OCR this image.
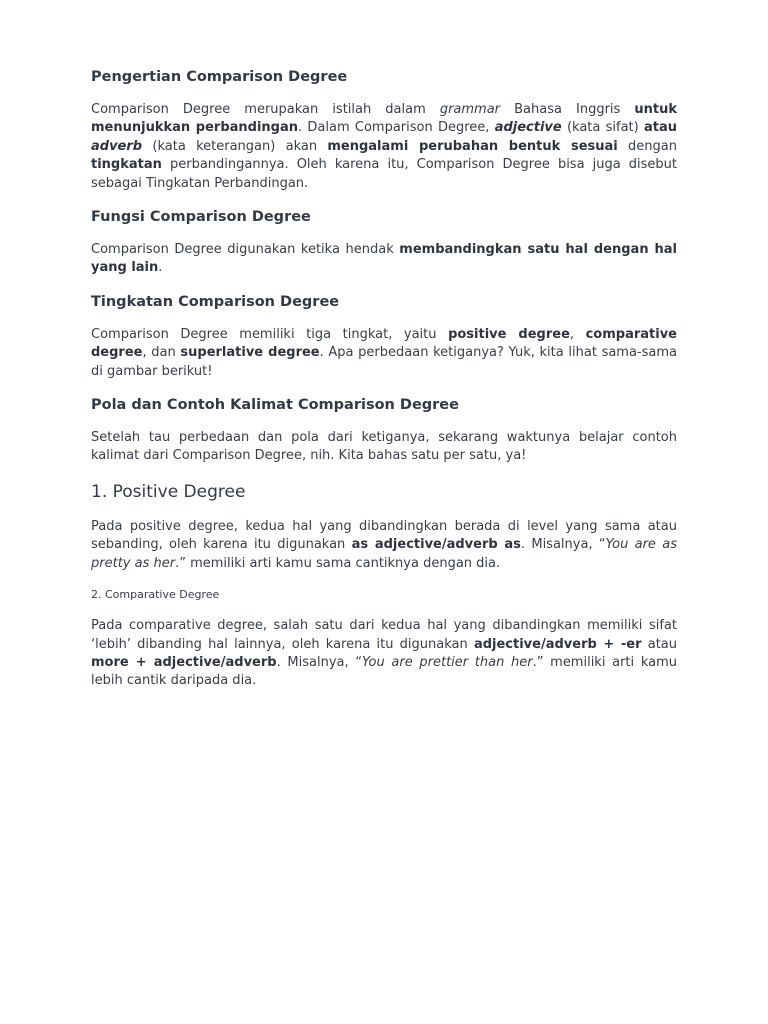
Pengertian Comparison Degree

Comparison Degree merupakan istilah dalam grammar Bahasa Inggris untuk menunjukkan perbandingan. Dalam Comparison Degree, adjective (kata sifat) atau adverb (kata keterangan) akan mengalami perubahan bentuk sesuai dengan tingkatan perbandingannya. Oleh karena itu, Comparison Degree bisa juga disebut sebagai Tingkatan Perbandingan.

Fungsi Comparison Degree

Comparison Degree digunakan ketika hendak membandingkan satu hal dengan hal yang lain.

Tingkatan Comparison Degree

Comparison Degree memiliki tiga tingkat, yaitu positive degree, comparative degree, dan superlative degree. Apa perbedaan ketiganya? Yuk, kita lihat sama-sama di gambar berikut!

Pola dan Contoh Kalimat Comparison Degree

Setelah tau perbedaan dan pola dari ketiganya, sekarang waktunya belajar contoh kalimat dari Comparison Degree, nih. Kita bahas satu per satu, ya!

1. Positive Degree

Pada positive degree, kedua hal yang dibandingkan berada di level yang sama atau sebanding, oleh karena itu digunakan as adjective/adverb as. Misalnya, “You are as pretty as her.” memiliki arti kamu sama cantiknya dengan dia.

2. Comparative Degree

Pada comparative degree, salah satu dari kedua hal yang dibandingkan memiliki sifat ‘lebih’ dibanding hal lainnya, oleh karena itu digunakan adjective/adverb + -er atau more + adjective/adverb. Misalnya, “You are prettier than her.” memiliki arti kamu lebih cantik daripada dia.
